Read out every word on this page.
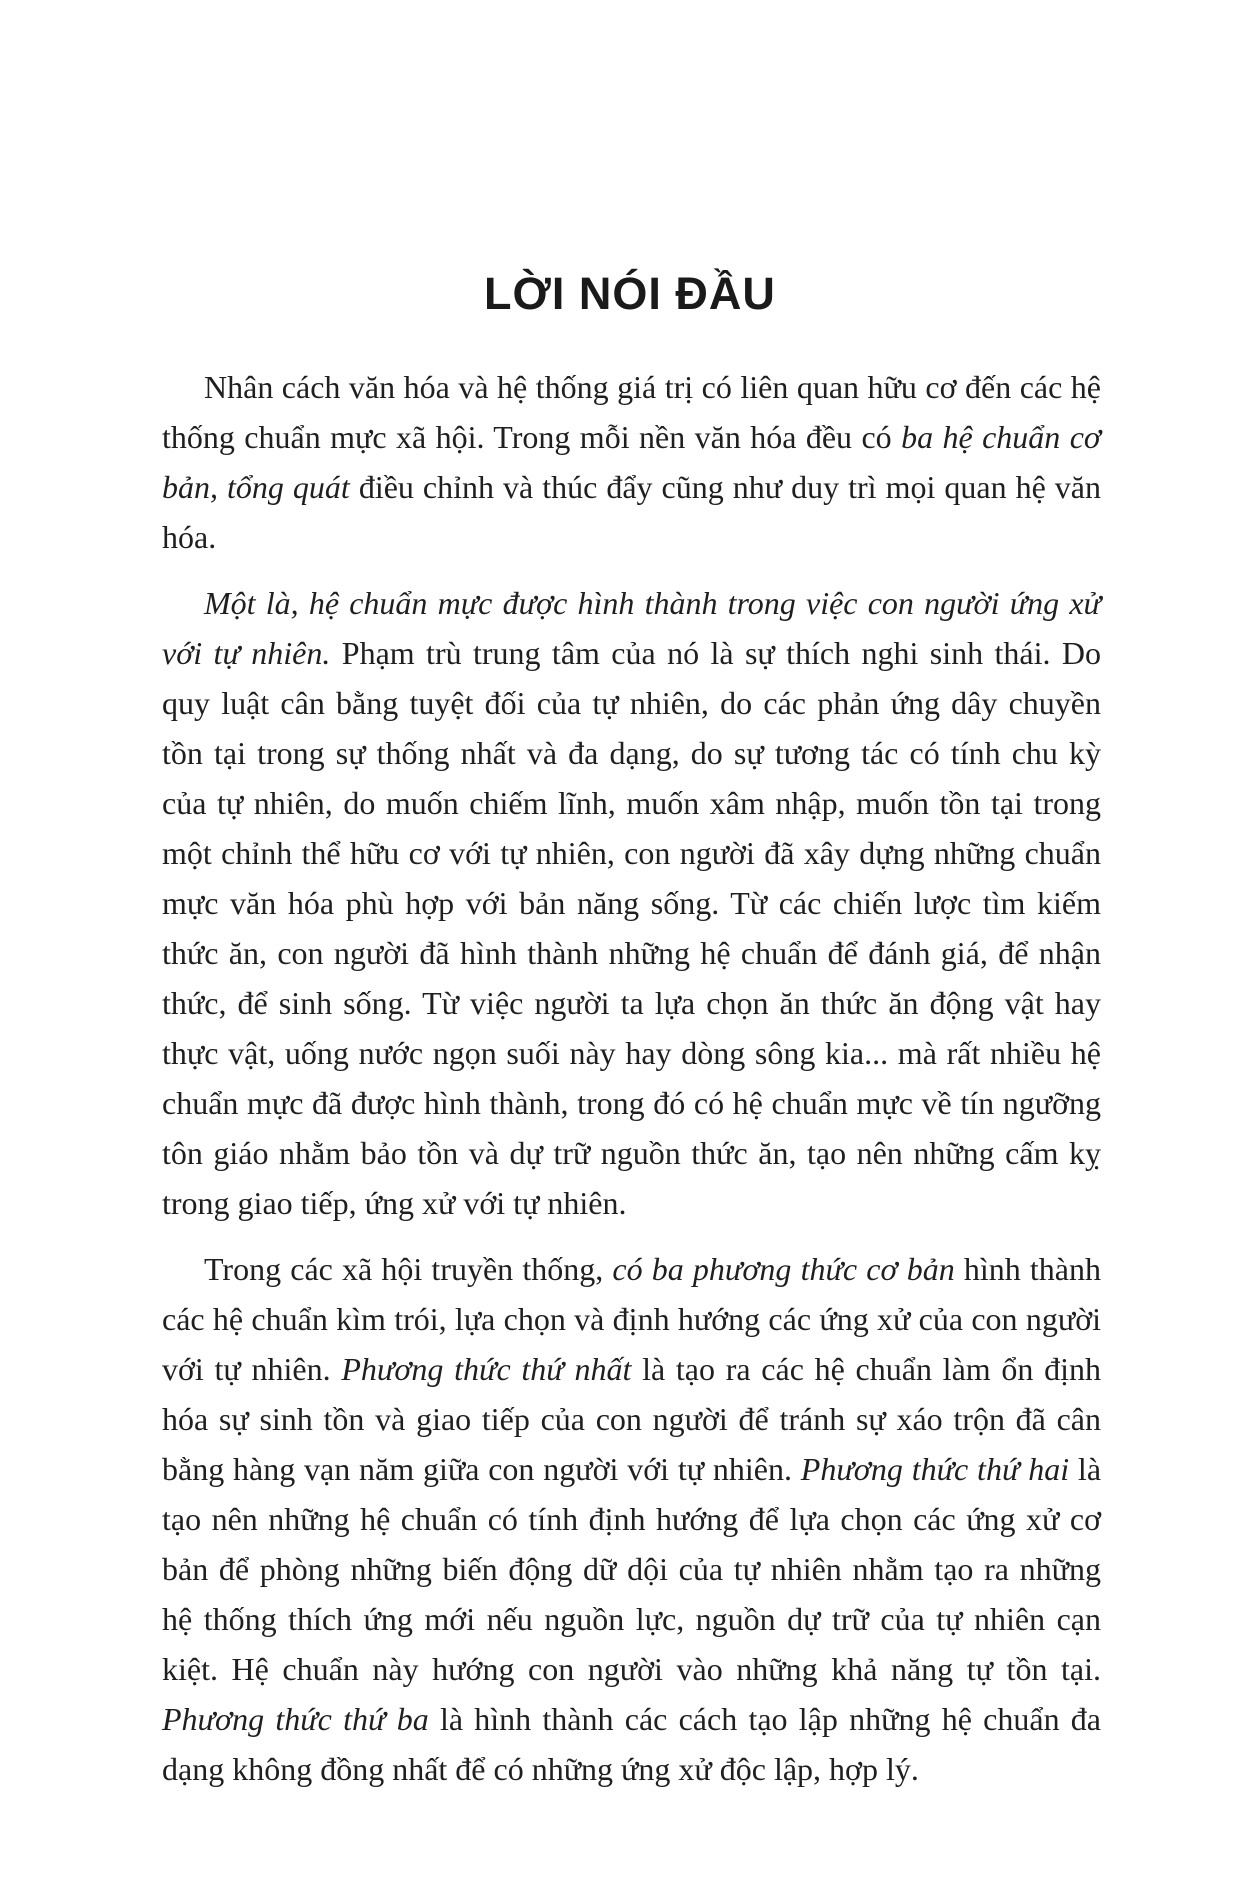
LỜI NÓI ĐẦU

Nhân cách văn hóa và hệ thống giá trị có liên quan hữu cơ đến các hệ thống chuẩn mực xã hội. Trong mỗi nền văn hóa đều có ba hệ chuẩn cơ bản, tổng quát điều chỉnh và thúc đẩy cũng như duy trì mọi quan hệ văn hóa.

Một là, hệ chuẩn mực được hình thành trong việc con người ứng xử với tự nhiên. Phạm trù trung tâm của nó là sự thích nghi sinh thái. Do quy luật cân bằng tuyệt đối của tự nhiên, do các phản ứng dây chuyền tồn tại trong sự thống nhất và đa dạng, do sự tương tác có tính chu kỳ của tự nhiên, do muốn chiếm lĩnh, muốn xâm nhập, muốn tồn tại trong một chỉnh thể hữu cơ với tự nhiên, con người đã xây dựng những chuẩn mực văn hóa phù hợp với bản năng sống. Từ các chiến lược tìm kiếm thức ăn, con người đã hình thành những hệ chuẩn để đánh giá, để nhận thức, để sinh sống. Từ việc người ta lựa chọn ăn thức ăn động vật hay thực vật, uống nước ngọn suối này hay dòng sông kia... mà rất nhiều hệ chuẩn mực đã được hình thành, trong đó có hệ chuẩn mực về tín ngưỡng tôn giáo nhằm bảo tồn và dự trữ nguồn thức ăn, tạo nên những cấm kỵ trong giao tiếp, ứng xử với tự nhiên.

Trong các xã hội truyền thống, có ba phương thức cơ bản hình thành các hệ chuẩn kìm trói, lựa chọn và định hướng các ứng xử của con người với tự nhiên. Phương thức thứ nhất là tạo ra các hệ chuẩn làm ổn định hóa sự sinh tồn và giao tiếp của con người để tránh sự xáo trộn đã cân bằng hàng vạn năm giữa con người với tự nhiên. Phương thức thứ hai là tạo nên những hệ chuẩn có tính định hướng để lựa chọn các ứng xử cơ bản để phòng những biến động dữ dội của tự nhiên nhằm tạo ra những hệ thống thích ứng mới nếu nguồn lực, nguồn dự trữ của tự nhiên cạn kiệt. Hệ chuẩn này hướng con người vào những khả năng tự tồn tại. Phương thức thứ ba là hình thành các cách tạo lập những hệ chuẩn đa dạng không đồng nhất để có những ứng xử độc lập, hợp lý.
